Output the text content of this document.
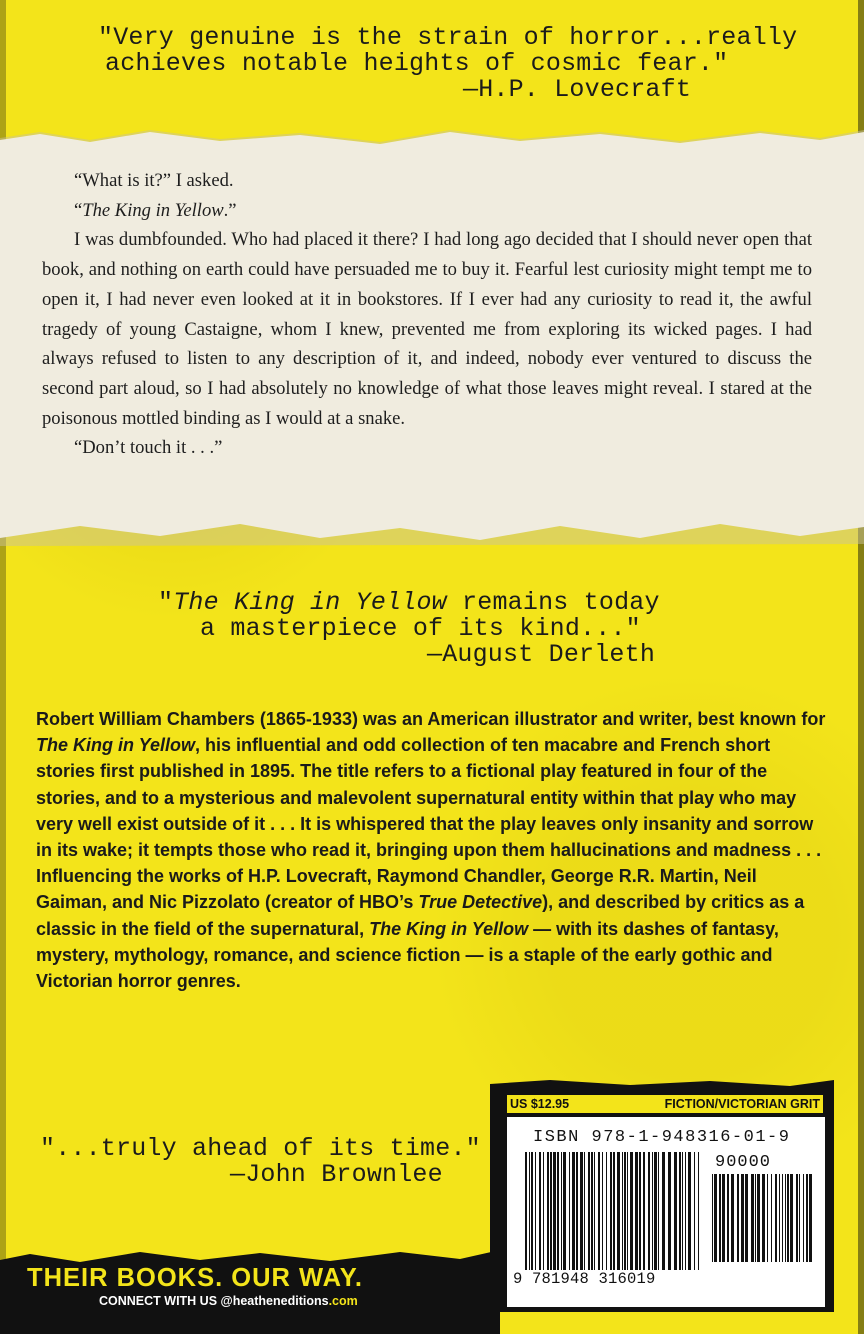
"Very genuine is the strain of horror...really
achieves notable heights of cosmic fear."
—H.P. Lovecraft

“What is it?” I asked.

“The King in Yellow.”

I was dumbfounded. Who had placed it there? I had long ago decided that I should never open that book, and nothing on earth could have persuaded me to buy it. Fearful lest curiosity might tempt me to open it, I had never even looked at it in bookstores. If I ever had any curiosity to read it, the awful tragedy of young Castaigne, whom I knew, prevented me from exploring its wicked pages. I had always refused to listen to any description of it, and indeed, nobody ever ventured to discuss the second part aloud, so I had absolutely no knowledge of what those leaves might reveal. I stared at the poisonous mottled binding as I would at a snake.

“Don’t touch it . . .”

"The King in Yellow remains today
a masterpiece of its kind..."
—August Derleth
Robert William Chambers (1865-1933) was an American illustrator and writer, best known for The King in Yellow, his influential and odd collection of ten macabre and French short stories first published in 1895. The title refers to a fictional play featured in four of the stories, and to a mysterious and malevolent supernatural entity within that play who may very well exist outside of it . . . It is whispered that the play leaves only insanity and sorrow in its wake; it tempts those who read it, bringing upon them hallucinations and madness . . . Influencing the works of H.P. Lovecraft, Raymond Chandler, George R.R. Martin, Neil Gaiman, and Nic Pizzolato (creator of HBO’s True Detective), and described by critics as a classic in the field of the supernatural, The King in Yellow — with its dashes of fantasy, mystery, mythology, romance, and science fiction — is a staple of the early gothic and Victorian horror genres.
"...truly ahead of its time."
—John Brownlee
THEIR BOOKS. OUR WAY.
CONNECT WITH US @heatheneditions.com
US $12.95	FICTION/VICTORIAN GRIT
ISBN 978-1-948316-01-9
90000
9 781948 316019
